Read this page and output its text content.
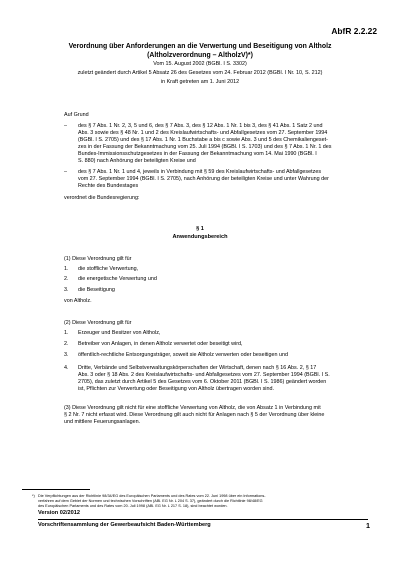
AbfR 2.2.22
Verordnung über Anforderungen an die Verwertung und Beseitigung von Altholz
(Altholzverordnung – AltholzV)*)
Vom 15. August 2002 (BGBl. I S. 3302)
zuletzt geändert durch Artikel 5 Absatz 26 des Gesetzes vom 24. Februar 2012 (BGBl. I Nr. 10, S. 212)
in Kraft getreten am 1. Juni 2012
Auf Grund
– des § 7 Abs. 1 Nr. 2, 3, 5 und 6, des § 7 Abs. 3, des § 12 Abs. 1 Nr. 1 bis 3, des § 41 Abs. 1 Satz 2 und
Abs. 3 sowie des § 48 Nr. 1 und 2 des Kreislaufwirtschafts- und Abfallgesetzes vom 27. September 1994
(BGBl. I S. 2705) und des § 17 Abs. 1 Nr. 1 Buchstabe a bis c sowie Abs. 3 und 5 des Chemikaliengeset-
zes in der Fassung der Bekanntmachung vom 25. Juli 1994 (BGBl. I S. 1703) und des § 7 Abs. 1 Nr. 1 des
Bundes-Immissionsschutzgesetzes in der Fassung der Bekanntmachung vom 14. Mai 1990 (BGBl. I
S. 880) nach Anhörung der beteiligten Kreise und
– des § 7 Abs. 1 Nr. 1 und 4, jeweils in Verbindung mit § 59 des Kreislaufwirtschafts- und Abfallgesetzes
vom 27. September 1994 (BGBl. I S. 2705), nach Anhörung der beteiligten Kreise und unter Wahrung der
Rechte des Bundestages
verordnet die Bundesregierung:
§ 1
Anwendungsbereich
(1) Diese Verordnung gilt für
1. die stoffliche Verwertung,
2. die energetische Verwertung und
3. die Beseitigung
von Altholz.
(2) Diese Verordnung gilt für
1. Erzeuger und Besitzer von Altholz,
2. Betreiber von Anlagen, in denen Altholz verwertet oder beseitigt wird,
3. öffentlich-rechtliche Entsorgungsträger, soweit sie Altholz verwerten oder beseitigen und
4. Dritte, Verbände und Selbstverwaltungskörperschaften der Wirtschaft, denen nach § 16 Abs. 2, § 17
Abs. 3 oder § 18 Abs. 2 des Kreislaufwirtschafts- und Abfallgesetzes vom 27. September 1994 (BGBl. I S.
2705), das zuletzt durch Artikel 5 des Gesetzes vom 6. Oktober 2011 (BGBl. I S. 1986) geändert worden
ist, Pflichten zur Verwertung oder Beseitigung von Altholz übertragen worden sind.
(3) Diese Verordnung gilt nicht für eine stoffliche Verwertung von Altholz, die von Absatz 1 in Verbindung mit
§ 2 Nr. 7 nicht erfasst wird. Diese Verordnung gilt auch nicht für Anlagen nach § 5 der Verordnung über kleine
und mittlere Feuerungsanlagen.
*) Die Verpflichtungen aus der Richtlinie 98/34/EG des Europäischen Parlaments und des Rates vom 22. Juni 1998 über ein Informations-
verfahren auf dem Gebiet der Normen und technischen Vorschriften (ABl. EG Nr. L 204 S. 37), geändert durch die Richtlinie 98/48/EG
des Europäischen Parlaments und des Rates vom 20. Juli 1998 (ABl. EG Nr. L 217 S. 18), sind beachtet worden.
Version 02/2012
Vorschriftensammlung der Gewerbeaufsicht Baden-Württemberg	1
